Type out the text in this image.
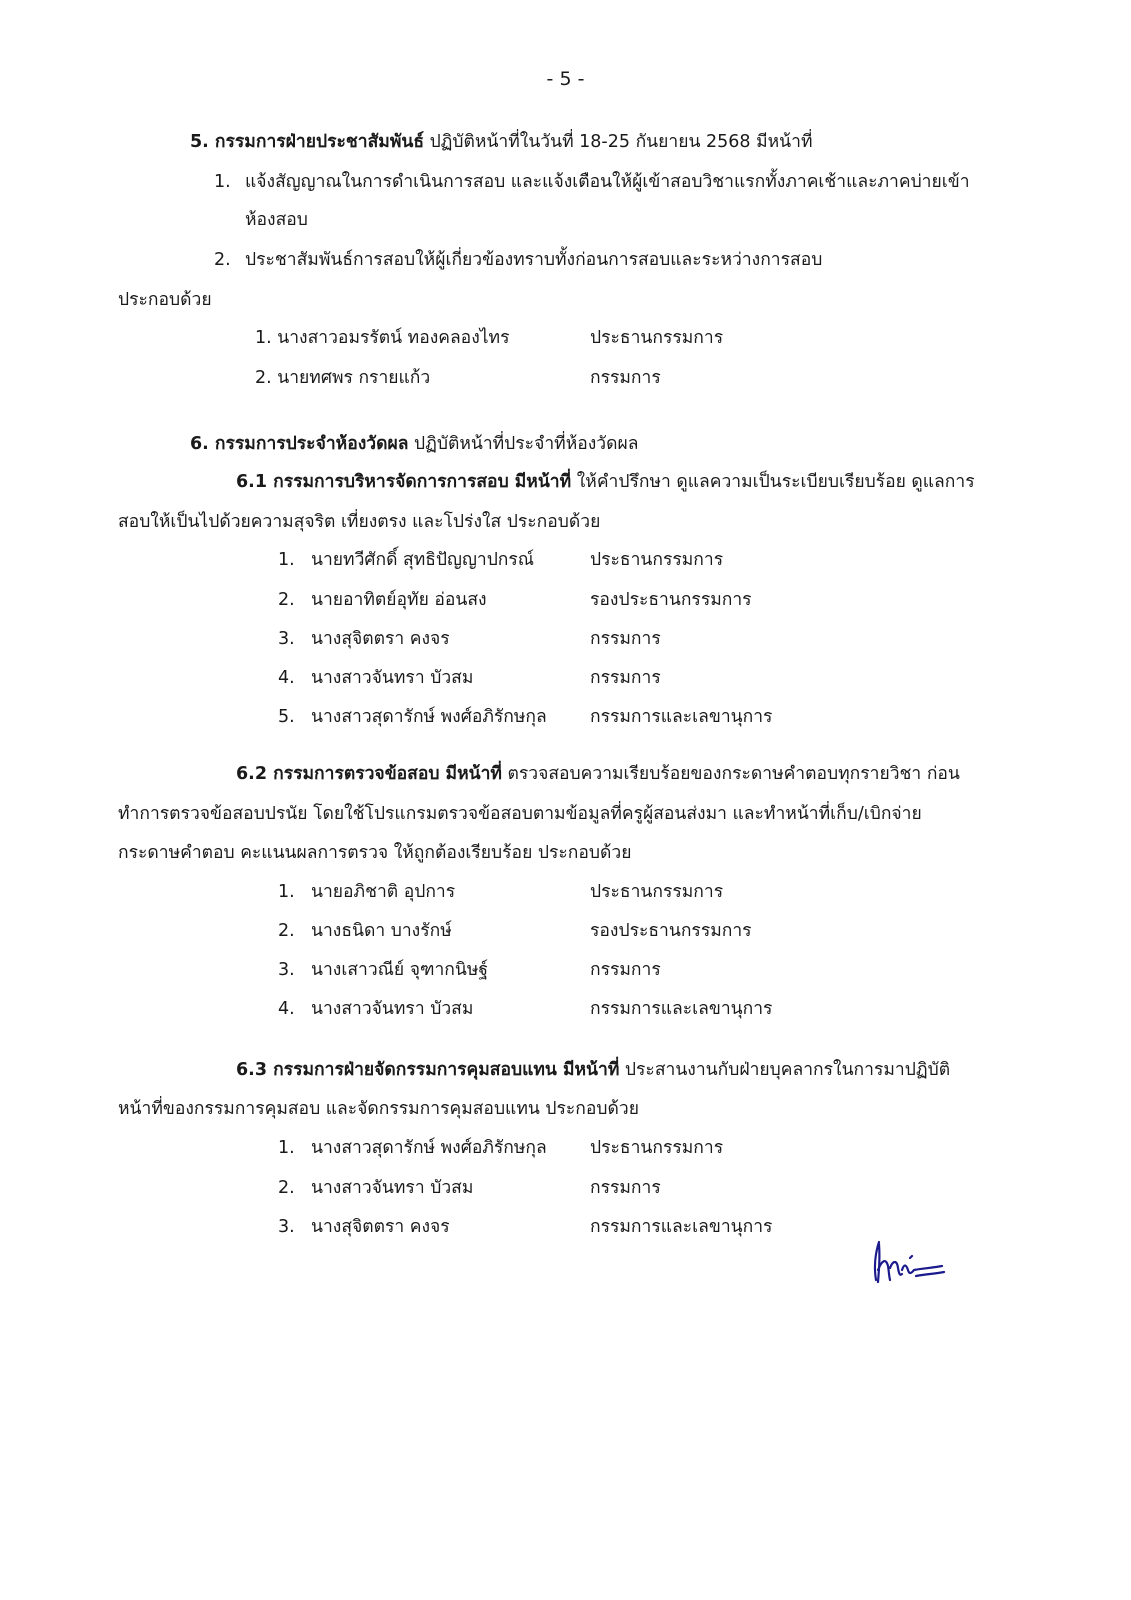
- 5 -
5. กรรมการฝ่ายประชาสัมพันธ์ ปฏิบัติหน้าที่ในวันที่ 18-25 กันยายน 2568 มีหน้าที่
1. แจ้งสัญญาณในการดำเนินการสอบ และแจ้งเตือนให้ผู้เข้าสอบวิชาแรกทั้งภาคเช้าและภาคบ่ายเข้า
ห้องสอบ
2. ประชาสัมพันธ์การสอบให้ผู้เกี่ยวข้องทราบทั้งก่อนการสอบและระหว่างการสอบ
ประกอบด้วย
1. นางสาวอมรรัตน์ ทองคลองไทร	ประธานกรรมการ
2. นายทศพร กรายแก้ว	กรรมการ
6. กรรมการประจำห้องวัดผล ปฏิบัติหน้าที่ประจำที่ห้องวัดผล
6.1 กรรมการบริหารจัดการการสอบ มีหน้าที่ ให้คำปรึกษา ดูแลความเป็นระเบียบเรียบร้อย ดูแลการ
สอบให้เป็นไปด้วยความสุจริต เที่ยงตรง และโปร่งใส ประกอบด้วย
1. นายทวีศักดิ์ สุทธิปัญญาปกรณ์	ประธานกรรมการ
2. นายอาทิตย์อุทัย อ่อนสง	รองประธานกรรมการ
3. นางสุจิตตรา คงจร	กรรมการ
4. นางสาวจันทรา บัวสม	กรรมการ
5. นางสาวสุดารักษ์ พงศ์อภิรักษกุล กรรมการและเลขานุการ
6.2 กรรมการตรวจข้อสอบ มีหน้าที่ ตรวจสอบความเรียบร้อยของกระดาษคำตอบทุกรายวิชา ก่อน
ทำการตรวจข้อสอบปรนัย โดยใช้โปรแกรมตรวจข้อสอบตามข้อมูลที่ครูผู้สอนส่งมา และทำหน้าที่เก็บ/เบิกจ่าย
กระดาษคำตอบ คะแนนผลการตรวจ ให้ถูกต้องเรียบร้อย ประกอบด้วย
1. นายอภิชาติ อุปการ	ประธานกรรมการ
2. นางธนิดา บางรักษ์	รองประธานกรรมการ
3. นางเสาวณีย์ จุฑากนิษฐ์	กรรมการ
4. นางสาวจันทรา บัวสม	กรรมการและเลขานุการ
6.3 กรรมการฝ่ายจัดกรรมการคุมสอบแทน มีหน้าที่ ประสานงานกับฝ่ายบุคลากรในการมาปฏิบัติ
หน้าที่ของกรรมการคุมสอบ และจัดกรรมการคุมสอบแทน ประกอบด้วย
1. นางสาวสุดารักษ์ พงศ์อภิรักษกุล ประธานกรรมการ
2. นางสาวจันทรา บัวสม	กรรมการ
3. นางสุจิตตรา คงจร	กรรมการและเลขานุการ
